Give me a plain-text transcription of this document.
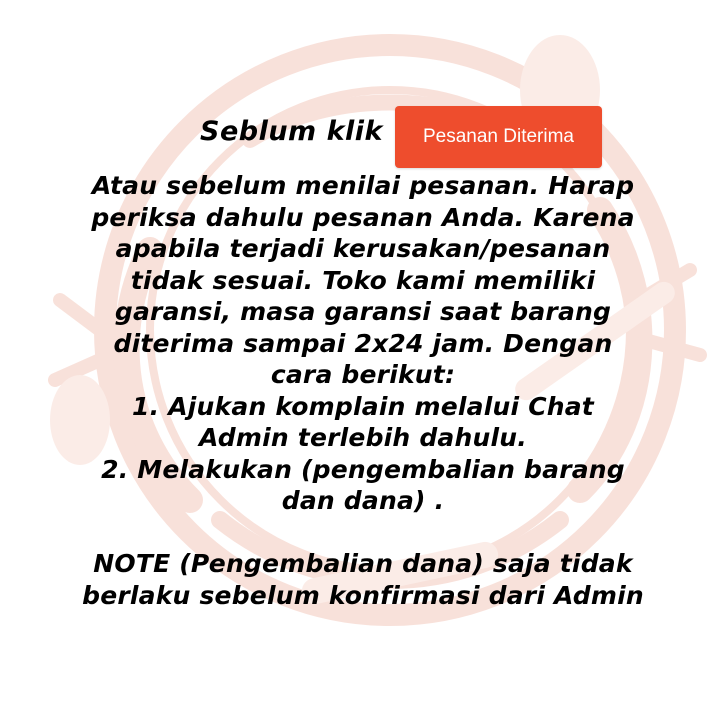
Seblum klik	Pesanan Diterima
Atau sebelum menilai pesanan. Harap
periksa dahulu pesanan Anda. Karena
apabila terjadi kerusakan/pesanan
tidak sesuai. Toko kami memiliki
garansi, masa garansi saat barang
diterima sampai 2x24 jam. Dengan
cara berikut:
1. Ajukan komplain melalui Chat
Admin terlebih dahulu.
2. Melakukan (pengembalian barang
dan dana) .
NOTE (Pengembalian dana) saja tidak
berlaku sebelum konfirmasi dari Admin
